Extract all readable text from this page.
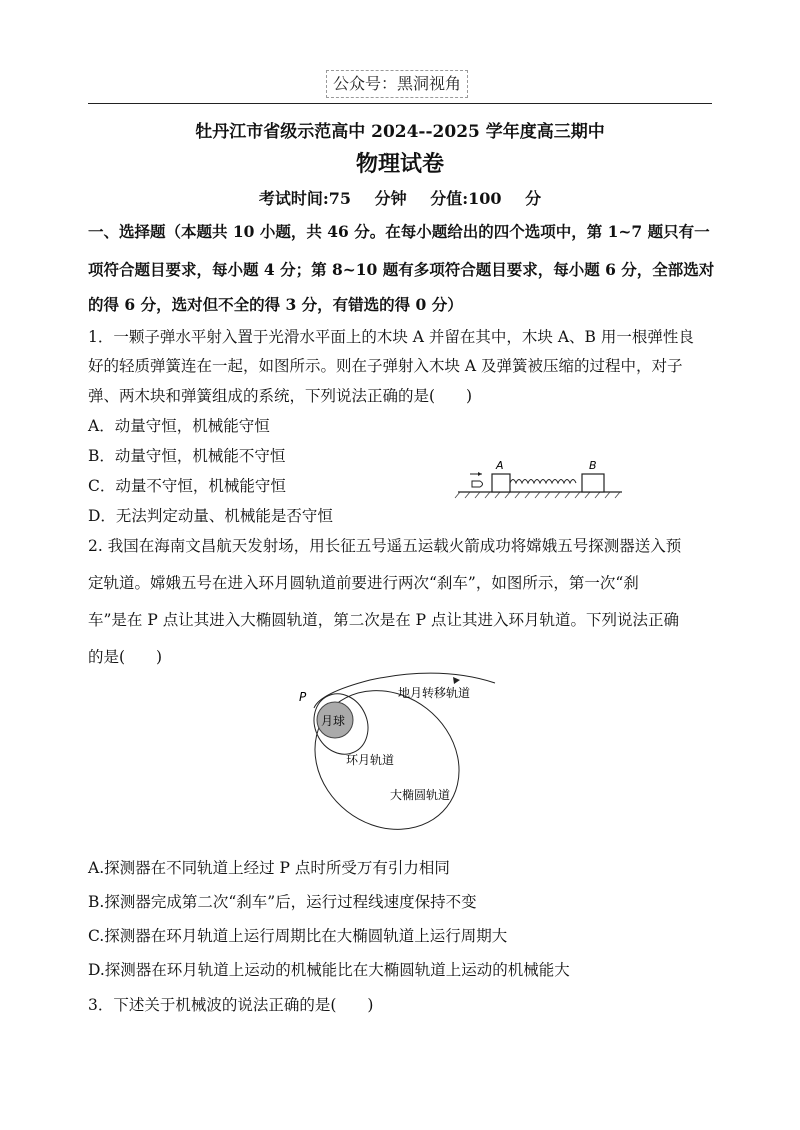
公众号：黑洞视角
牡丹江市省级示范高中 2024--2025 学年度高三期中
物理试卷
考试时间:75 分钟 分值:100 分
一、选择题（本题共 10 小题，共 46 分。在每小题给出的四个选项中，第 1~7 题只有一
项符合题目要求，每小题 4 分；第 8~10 题有多项符合题目要求，每小题 6 分，全部选对
的得 6 分，选对但不全的得 3 分，有错选的得 0 分）
1．一颗子弹水平射入置于光滑水平面上的木块 A 并留在其中，木块 A、B 用一根弹性良
好的轻质弹簧连在一起，如图所示。则在子弹射入木块 A 及弹簧被压缩的过程中，对子
弹、两木块和弹簧组成的系统，下列说法正确的是(　　)
A．动量守恒，机械能守恒
B．动量守恒，机械能不守恒
C．动量不守恒，机械能守恒
D．无法判定动量、机械能是否守恒
A	B
2. 我国在海南文昌航天发射场，用长征五号遥五运载火箭成功将嫦娥五号探测器送入预
定轨道。嫦娥五号在进入环月圆轨道前要进行两次“刹车”，如图所示，第一次“刹
车”是在 P 点让其进入大椭圆轨道，第二次是在 P 点让其进入环月轨道。下列说法正确
的是(　　)
月球
P	地月转移轨道
环月轨道
大椭圆轨道
A.探测器在不同轨道上经过 P 点时所受万有引力相同
B.探测器完成第二次“刹车”后，运行过程线速度保持不变
C.探测器在环月轨道上运行周期比在大椭圆轨道上运行周期大
D.探测器在环月轨道上运动的机械能比在大椭圆轨道上运动的机械能大
3．下述关于机械波的说法正确的是(　　)
